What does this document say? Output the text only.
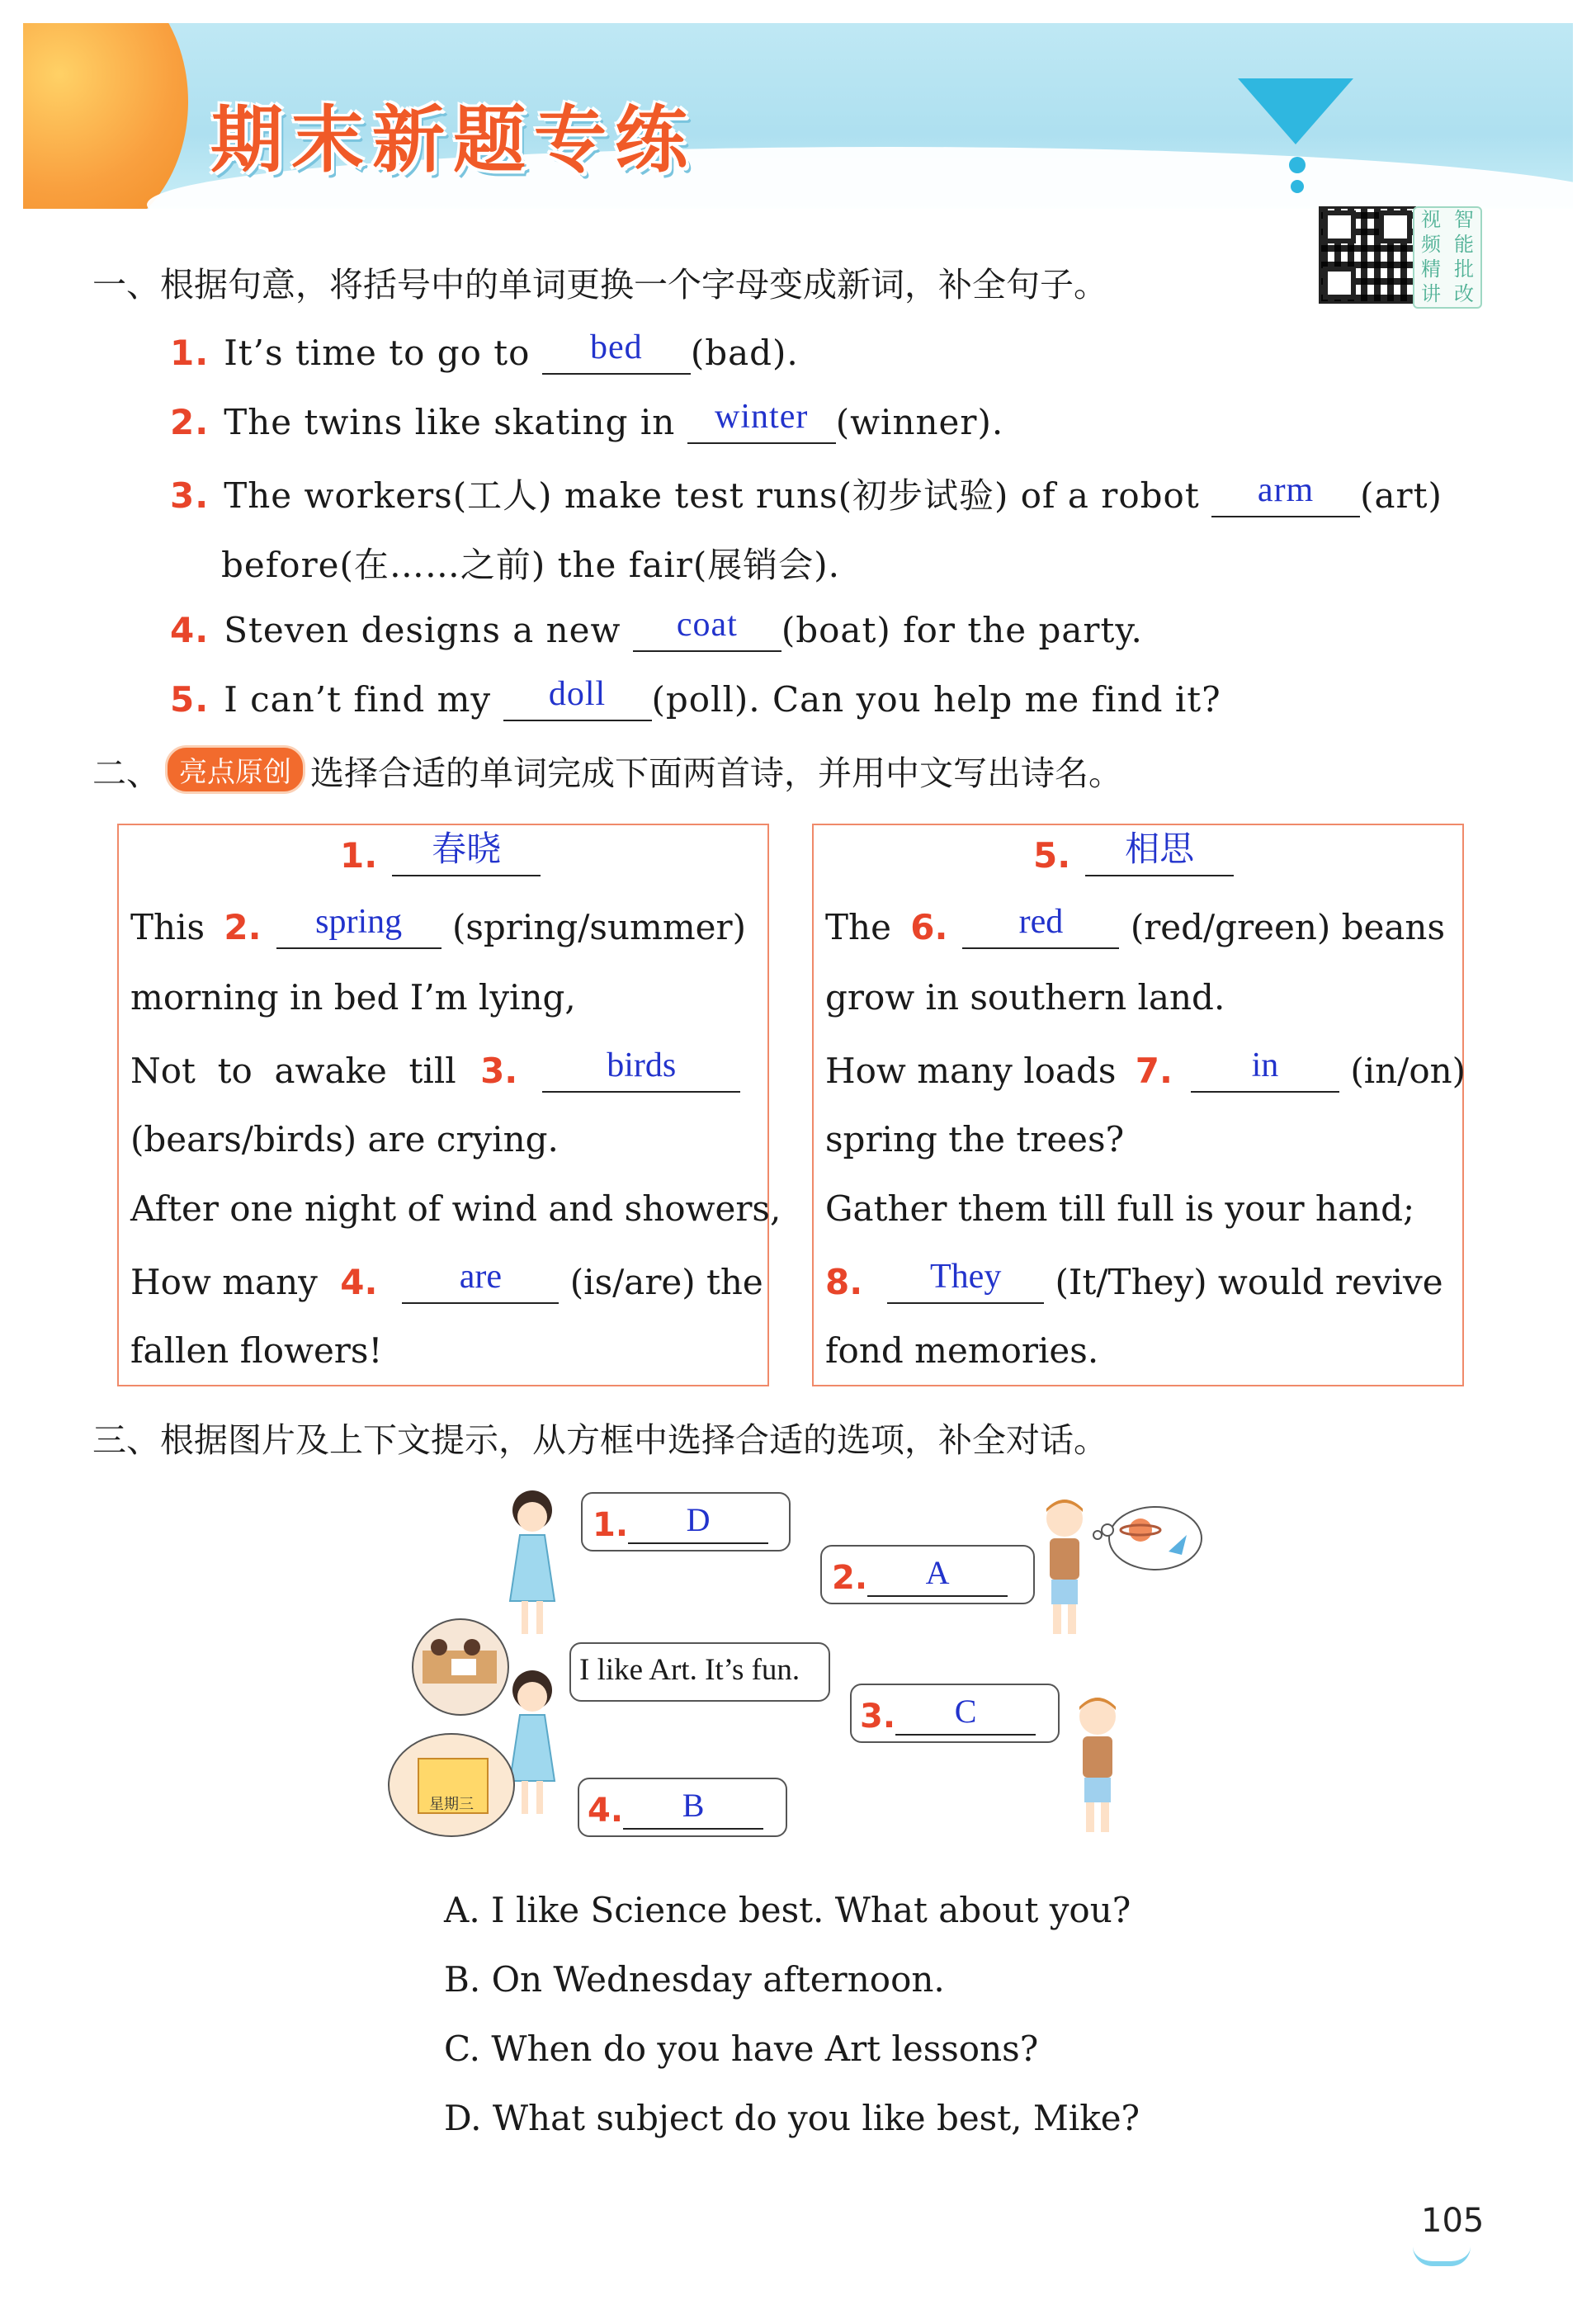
期末新题专练
视 智
频 能
精 批
讲 改
一、根据句意，将括号中的单词更换一个字母变成新词，补全句子。
1. It’s time to go to bed (bad).
2. The twins like skating in winter (winner).
3. The workers(工人) make test runs(初步试验) of a robot arm (art)
before(在……之前) the fair(展销会).
4. Steven designs a new coat (boat) for the party.
5. I can’t find my doll (poll). Can you help me find it?
二、 亮点原创 选择合适的单词完成下面两首诗，并用中文写出诗名。
1. 春晓
This 2. spring (spring/summer)
morning in bed I’m lying,
Not  to  awake  till 3.	birds
(bears/birds) are crying.
After one night of wind and showers,
How many 4. are (is/are) the
fallen flowers!
5. 相思
The 6. red (red/green) beans
grow in southern land.
How many loads 7. in (in/on)
spring the trees?
Gather them till full is your hand;
8. They (It/They) would revive
fond memories.
三、根据图片及上下文提示，从方框中选择合适的选项，补全对话。
星期三
1. D
2. A
I like Art. It’s fun.
3. C
4. B
A. I like Science best. What about you?
B. On Wednesday afternoon.
C. When do you have Art lessons?
D. What subject do you like best, Mike?
105
